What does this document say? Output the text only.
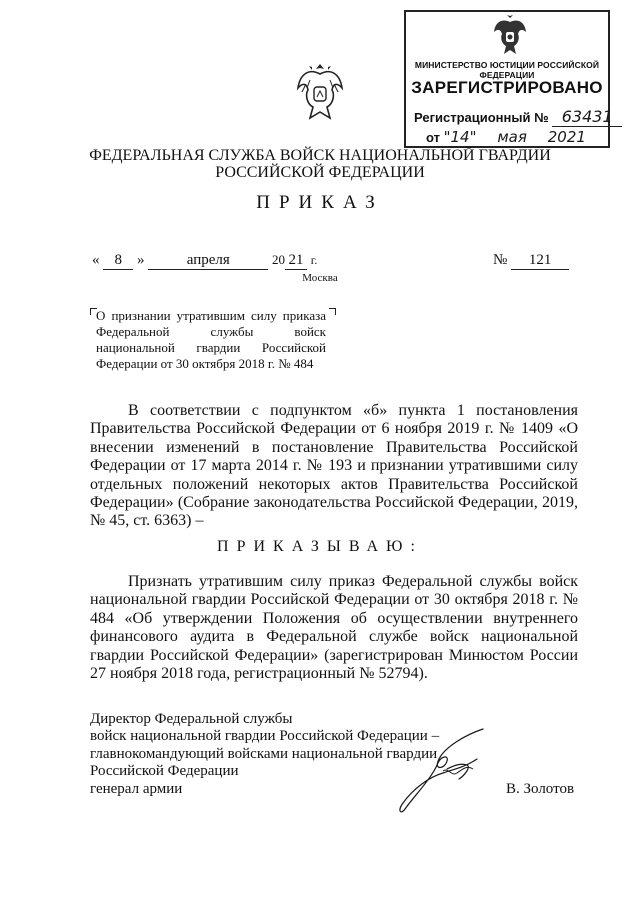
МИНИСТЕРСТВО ЮСТИЦИИ РОССИЙСКОЙ ФЕДЕРАЦИИ
ЗАРЕГИСТРИРОВАНО
Регистрационный № 63431
от "14" мая 2021
ФЕДЕРАЛЬНАЯ СЛУЖБА ВОЙСК НАЦИОНАЛЬНОЙ ГВАРДИИ
РОССИЙСКОЙ ФЕДЕРАЦИИ
ПРИКАЗ
« 8 »	апреля	20 21 г.	№ 121
Москва
О признании утратившим силу приказа Федеральной службы войск национальной гвардии Российской Федерации от 30 октября 2018 г. № 484

В соответствии с подпунктом «б» пункта 1 постановления Правительства Российской Федерации от 6 ноября 2019 г. № 1409 «О внесении изменений в постановление Правительства Российской Федерации от 17 марта 2014 г. № 193 и признании утратившими силу отдельных положений некоторых актов Правительства Российской Федерации» (Собрание законодательства Российской Федерации, 2019, № 45, ст. 6363) –

ПРИКАЗЫВАЮ:

Признать утратившим силу приказ Федеральной службы войск национальной гвардии Российской Федерации от 30 октября 2018 г. № 484 «Об утверждении Положения об осуществлении внутреннего финансового аудита в Федеральной службе войск национальной гвардии Российской Федерации» (зарегистрирован Минюстом России 27 ноября 2018 года, регистрационный № 52794).

Директор Федеральной службы
войск национальной гвардии Российской Федерации –
главнокомандующий войсками национальной гвардии
Российской Федерации
генерал армии	В. Золотов
